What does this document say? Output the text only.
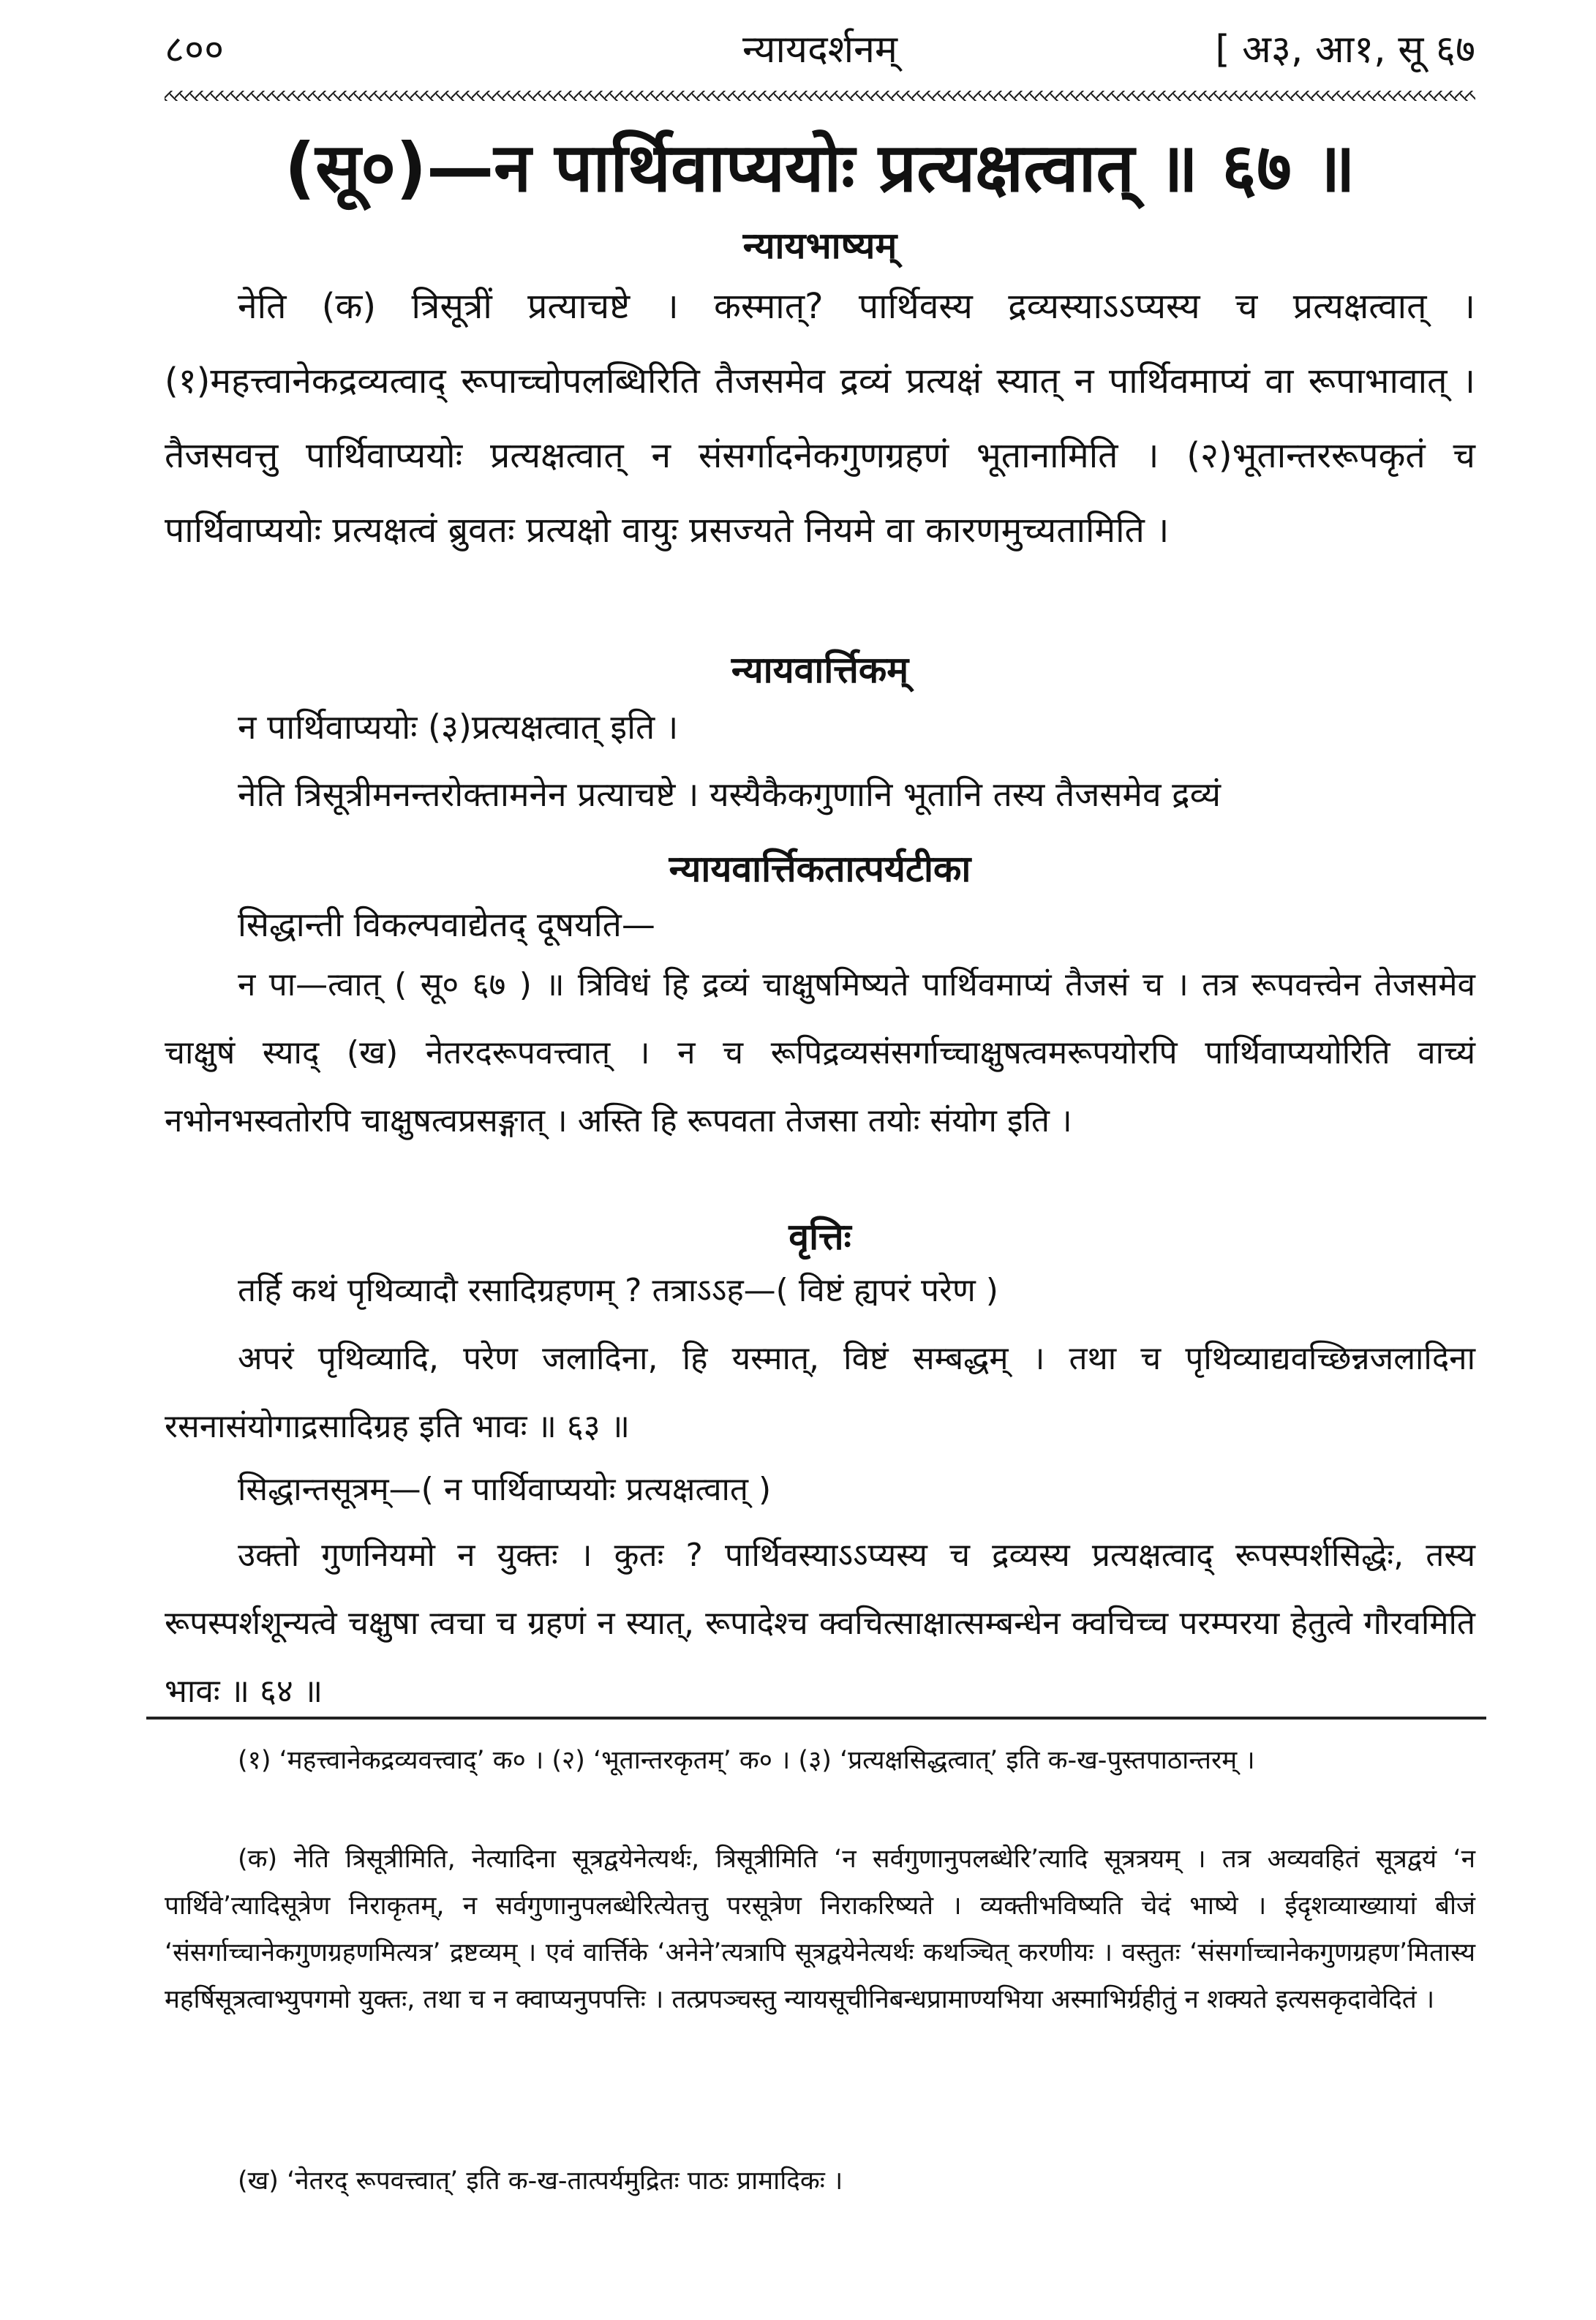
८००	न्यायदर्शनम्	[ अ३, आ१, सू ६७
(सू०)—न पार्थिवाप्ययोः प्रत्यक्षत्वात् ॥ ६७ ॥
न्यायभाष्यम्
नेति (क) त्रिसूत्रीं प्रत्याचष्टे । कस्मात्? पार्थिवस्य द्रव्यस्याऽऽप्यस्य च प्रत्यक्षत्वात् । (१)महत्त्वानेकद्रव्यत्वाद् रूपाच्चोपलब्धिरिति तैजसमेव द्रव्यं प्रत्यक्षं स्यात् न पार्थिवमाप्यं वा रूपाभावात् । तैजसवत्तु पार्थिवाप्ययोः प्रत्यक्षत्वात् न संसर्गादनेकगुणग्रहणं भूतानामिति । (२)भूतान्तररूपकृतं च पार्थिवाप्ययोः प्रत्यक्षत्वं ब्रुवतः प्रत्यक्षो वायुः प्रसज्यते नियमे वा कारणमुच्यतामिति ।
न्यायवार्त्तिकम्
न पार्थिवाप्ययोः (३)प्रत्यक्षत्वात् इति ।
नेति त्रिसूत्रीमनन्तरोक्तामनेन प्रत्याचष्टे । यस्यैकैकगुणानि भूतानि तस्य तैजसमेव द्रव्यं
न्यायवार्त्तिकतात्पर्यटीका
सिद्धान्ती विकल्पवाद्येतद् दूषयति—
न पा—त्वात् ( सू० ६७ ) ॥ त्रिविधं हि द्रव्यं चाक्षुषमिष्यते पार्थिवमाप्यं तैजसं च । तत्र रूपवत्त्वेन तेजसमेव चाक्षुषं स्याद् (ख) नेतरदरूपवत्त्वात् । न च रूपिद्रव्यसंसर्गाच्चाक्षुषत्वमरूपयोरपि पार्थिवाप्ययोरिति वाच्यं नभोनभस्वतोरपि चाक्षुषत्वप्रसङ्गात् । अस्ति हि रूपवता तेजसा तयोः संयोग इति ।
वृत्तिः
तर्हि कथं पृथिव्यादौ रसादिग्रहणम् ? तत्राऽऽह—( विष्टं ह्यपरं परेण )
अपरं पृथिव्यादि, परेण जलादिना, हि यस्मात्, विष्टं सम्बद्धम् । तथा च पृथिव्याद्यवच्छिन्नजलादिना रसनासंयोगाद्रसादिग्रह इति भावः ॥ ६३ ॥
सिद्धान्तसूत्रम्—( न पार्थिवाप्ययोः प्रत्यक्षत्वात् )
उक्तो गुणनियमो न युक्तः । कुतः ? पार्थिवस्याऽऽप्यस्य च द्रव्यस्य प्रत्यक्षत्वाद् रूपस्पर्शसिद्धेः, तस्य रूपस्पर्शशून्यत्वे चक्षुषा त्वचा च ग्रहणं न स्यात्, रूपादेश्च क्वचित्साक्षात्सम्बन्धेन क्वचिच्च परम्परया हेतुत्वे गौरवमिति भावः ॥ ६४ ॥
(१) ‘महत्त्वानेकद्रव्यवत्त्वाद्’ क० । (२) ‘भूतान्तरकृतम्’ क० । (३) ‘प्रत्यक्षसिद्धत्वात्’ इति क-ख-पुस्तपाठान्तरम् ।
(क) नेति त्रिसूत्रीमिति, नेत्यादिना सूत्रद्वयेनेत्यर्थः, त्रिसूत्रीमिति ‘न सर्वगुणानुपलब्धेरि’त्यादि सूत्रत्रयम् । तत्र अव्यवहितं सूत्रद्वयं ‘न पार्थिवे’त्यादिसूत्रेण निराकृतम्, न सर्वगुणानुपलब्धेरित्येतत्तु परसूत्रेण निराकरिष्यते । व्यक्तीभविष्यति चेदं भाष्ये । ईदृशव्याख्यायां बीजं ‘संसर्गाच्चानेकगुणग्रहणमित्यत्र’ द्रष्टव्यम् । एवं वार्त्तिके ‘अनेने’त्यत्रापि सूत्रद्वयेनेत्यर्थः कथञ्चित् करणीयः । वस्तुतः ‘संसर्गाच्चानेकगुणग्रहण’मितास्य महर्षिसूत्रत्वाभ्युपगमो युक्तः, तथा च न क्वाप्यनुपपत्तिः । तत्प्रपञ्चस्तु न्यायसूचीनिबन्धप्रामाण्यभिया अस्माभिर्ग्रहीतुं न शक्यते इत्यसकृदावेदितं ।
(ख) ‘नेतरद् रूपवत्त्वात्’ इति क-ख-तात्पर्यमुद्रितः पाठः प्रामादिकः ।
